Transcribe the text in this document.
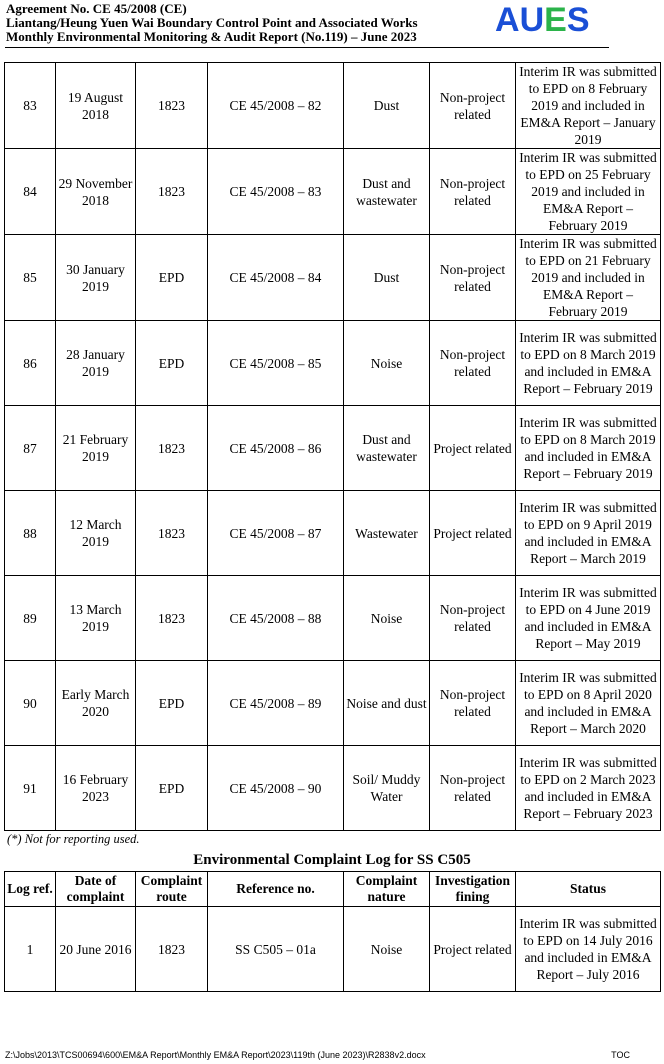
Agreement No. CE 45/2008 (CE)
Liantang/Heung Yuen Wai Boundary Control Point and Associated Works
Monthly Environmental Monitoring & Audit Report (No.119) – June 2023	AUES
83	19 August 2018	1823	CE 45/2008 – 82	Dust	Non-project related	Interim IR was submitted to EPD on 8 February 2019 and included in EM&A Report – January 2019
84	29 November 2018	1823	CE 45/2008 – 83	Dust and wastewater	Non-project related	Interim IR was submitted to EPD on 25 February 2019 and included in EM&A Report – February 2019
85	30 January 2019	EPD	CE 45/2008 – 84	Dust	Non-project related	Interim IR was submitted to EPD on 21 February 2019 and included in EM&A Report – February 2019
86	28 January 2019	EPD	CE 45/2008 – 85	Noise	Non-project related	Interim IR was submitted to EPD on 8 March 2019 and included in EM&A Report – February 2019
87	21 February 2019	1823	CE 45/2008 – 86	Dust and wastewater	Project related	Interim IR was submitted to EPD on 8 March 2019 and included in EM&A Report – February 2019
88	12 March 2019	1823	CE 45/2008 – 87	Wastewater	Project related	Interim IR was submitted to EPD on 9 April 2019 and included in EM&A Report – March 2019
89	13 March 2019	1823	CE 45/2008 – 88	Noise	Non-project related	Interim IR was submitted to EPD on 4 June 2019 and included in EM&A Report – May 2019
90	Early March 2020	EPD	CE 45/2008 – 89	Noise and dust	Non-project related	Interim IR was submitted to EPD on 8 April 2020 and included in EM&A Report – March 2020
91	16 February 2023	EPD	CE 45/2008 – 90	Soil/ Muddy Water	Non-project related	Interim IR was submitted to EPD on 2 March 2023 and included in EM&A Report – February 2023
(*) Not for reporting used.
Environmental Complaint Log for SS C505
Log ref.	Date of complaint	Complaint route	Reference no.	Complaint nature	Investigation fining	Status
1	20 June 2016	1823	SS C505 – 01a	Noise	Project related	Interim IR was submitted to EPD on 14 July 2016 and included in EM&A Report – July 2016
Z:\Jobs\2013\TCS00694\600\EM&A Report\Monthly EM&A Report\2023\119th (June 2023)\R2838v2.docx	TOC
